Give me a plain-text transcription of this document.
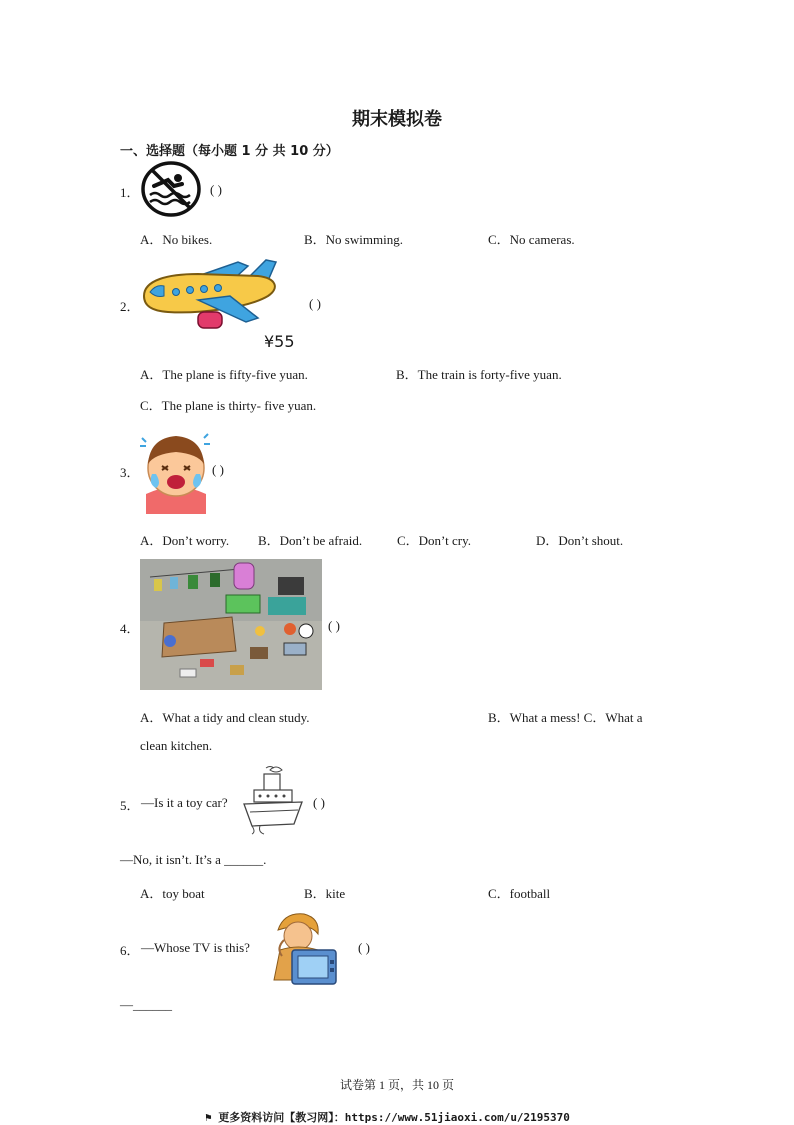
期末模拟卷
一、选择题（每小题 1 分 共 10 分）
1．	( )
A．No bikes.	B．No swimming.	C．No cameras.
2．
¥55
( )
A．The plane is fifty-five yuan.	B．The train is forty-five yuan.
C．The plane is thirty- five yuan.
3．	( )
A．Don’t worry. B．Don’t be afraid.	C．Don’t cry.	D．Don’t shout.
4．	( )
A．What a tidy and clean study.	B．What a mess! C．What a
clean kitchen.
5． —Is it a toy car?	( )
—No, it isn’t. It’s a ______.
A．toy boat	B．kite	C．football
6． —Whose TV is this?	( )
—______
试卷第 1 页，共 10 页
⚑ 更多资料访问【教习网】：https://www.51jiaoxi.com/u/2195370
